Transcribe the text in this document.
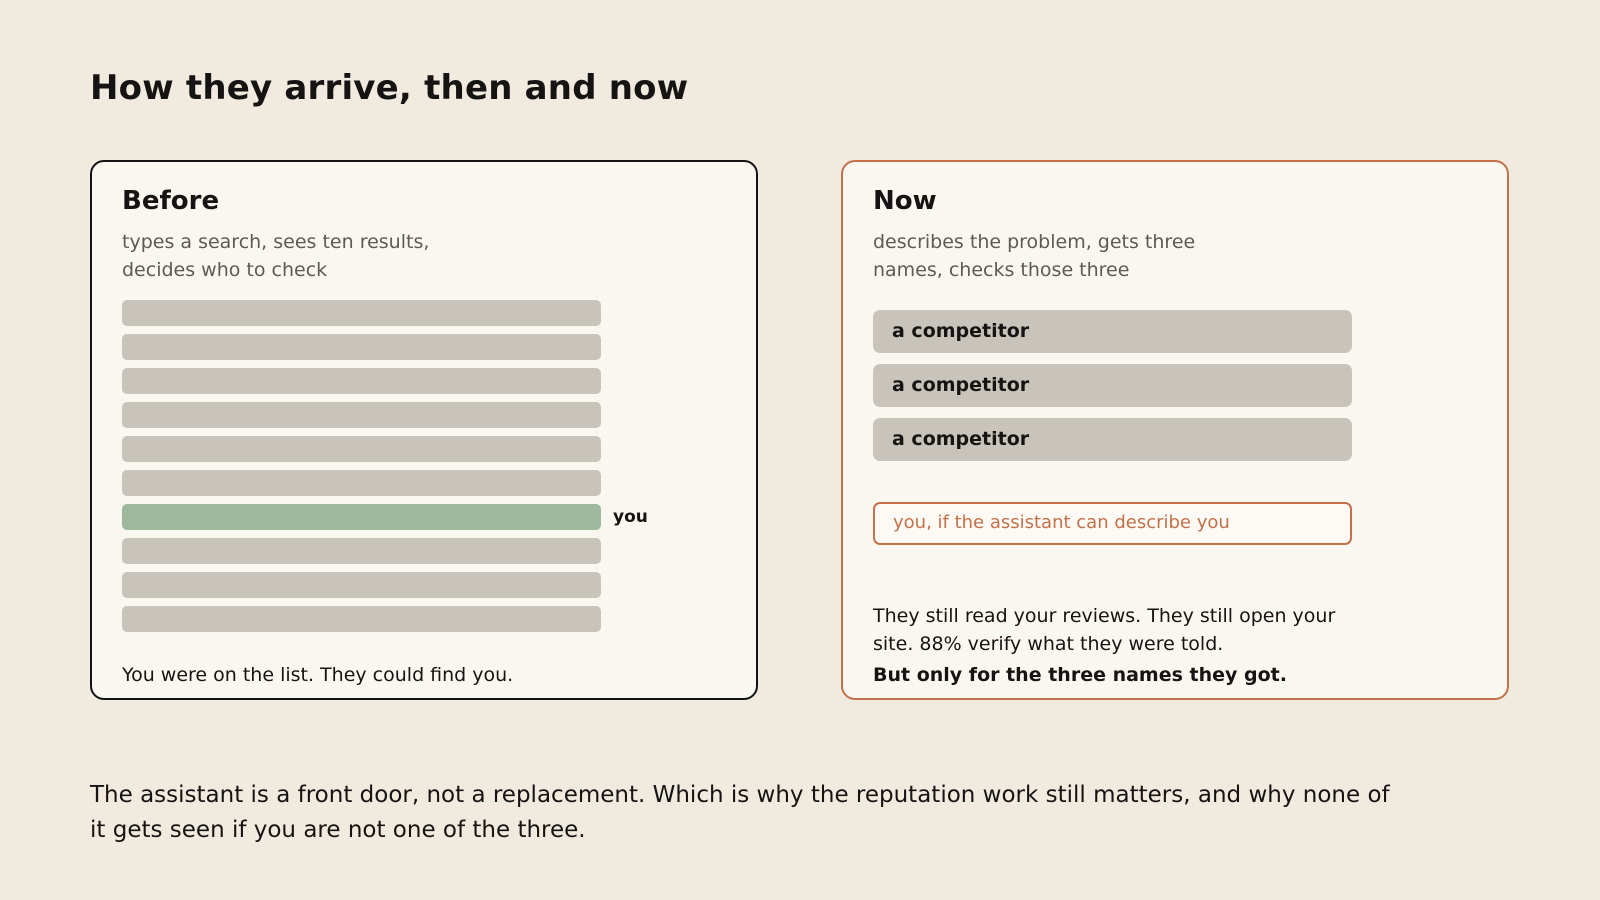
How they arrive, then and now
Before
types a search, sees ten results, decides who to check
you
You were on the list. They could find you.
Now
describes the problem, gets three names, checks those three
a competitor
a competitor
a competitor
you, if the assistant can describe you
They still read your reviews. They still open your site. 88% verify what they were told.
But only for the three names they got.
The assistant is a front door, not a replacement. Which is why the reputation work still matters, and why none of it gets seen if you are not one of the three.
